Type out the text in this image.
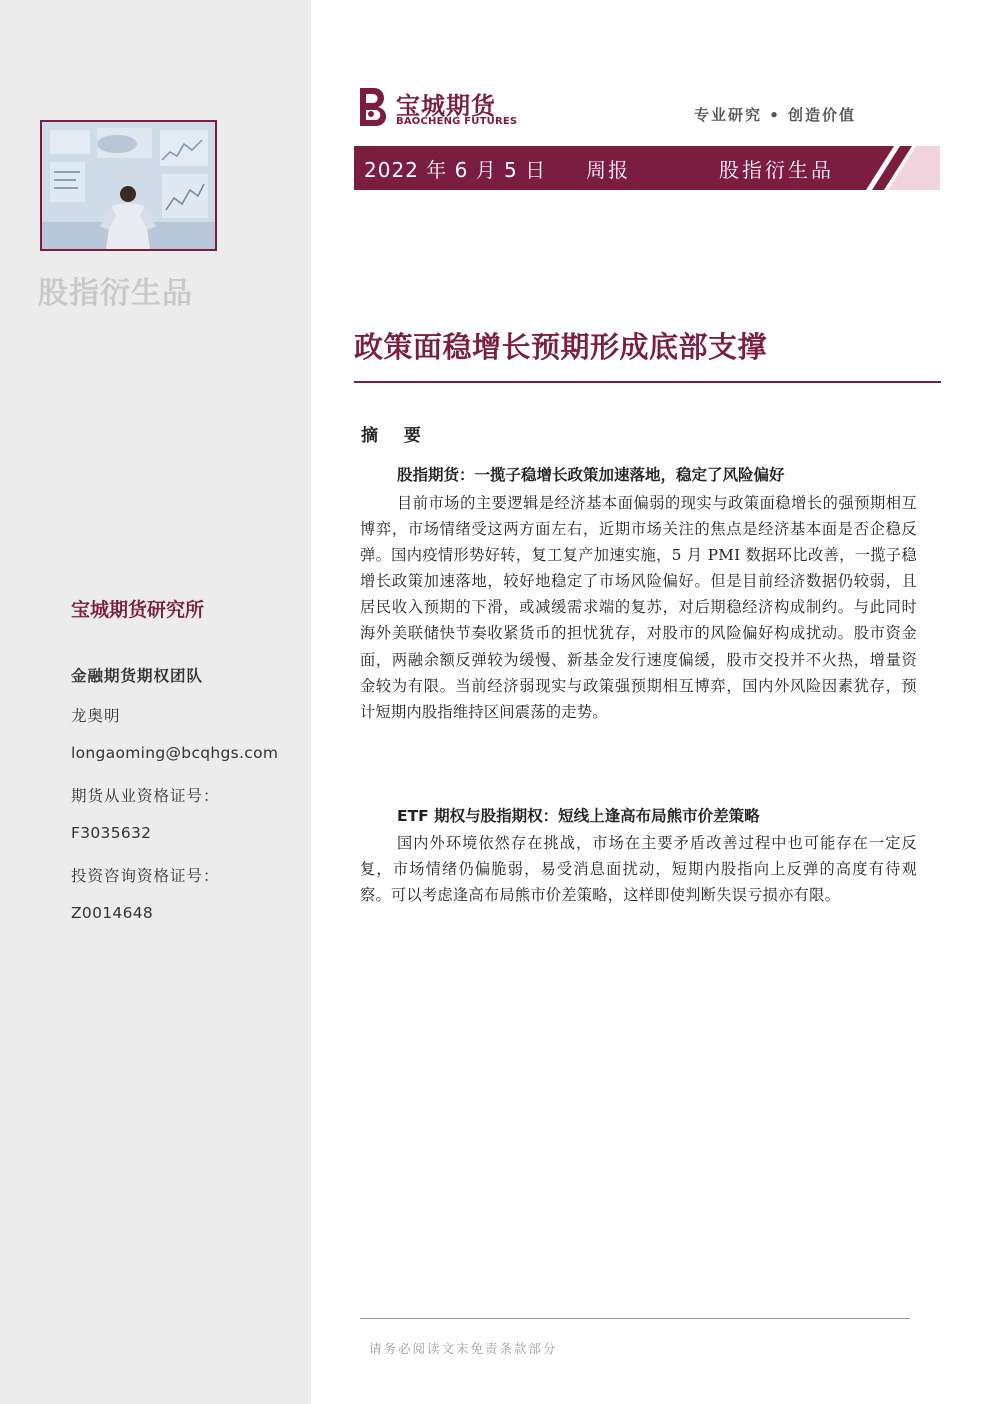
股指衍生品
宝城期货研究所
金融期货期权团队
龙奥明
longaoming@bcqhgs.com
期货从业资格证号：
F3035632
投资咨询资格证号：
Z0014648
宝城期货
BAOCHENG FUTURES	专业研究 • 创造价值
2022 年 6 月 5 日 周报	股指衍生品
政策面稳增长预期形成底部支撑
摘 要
股指期货：一揽子稳增长政策加速落地，稳定了风险偏好
目前市场的主要逻辑是经济基本面偏弱的现实与政策面稳增长的强预期相互博弈，市场情绪受这两方面左右，近期市场关注的焦点是经济基本面是否企稳反弹。国内疫情形势好转，复工复产加速实施，5 月 PMI 数据环比改善，一揽子稳增长政策加速落地，较好地稳定了市场风险偏好。但是目前经济数据仍较弱，且居民收入预期的下滑，或减缓需求端的复苏，对后期稳经济构成制约。与此同时海外美联储快节奏收紧货币的担忧犹存，对股市的风险偏好构成扰动。股市资金面，两融余额反弹较为缓慢、新基金发行速度偏缓，股市交投并不火热，增量资金较为有限。当前经济弱现实与政策强预期相互博弈，国内外风险因素犹存，预计短期内股指维持区间震荡的走势。
ETF 期权与股指期权：短线上逢高布局熊市价差策略
国内外环境依然存在挑战，市场在主要矛盾改善过程中也可能存在一定反复，市场情绪仍偏脆弱，易受消息面扰动，短期内股指向上反弹的高度有待观察。可以考虑逢高布局熊市价差策略，这样即使判断失误亏损亦有限。
请务必阅读文末免责条款部分
